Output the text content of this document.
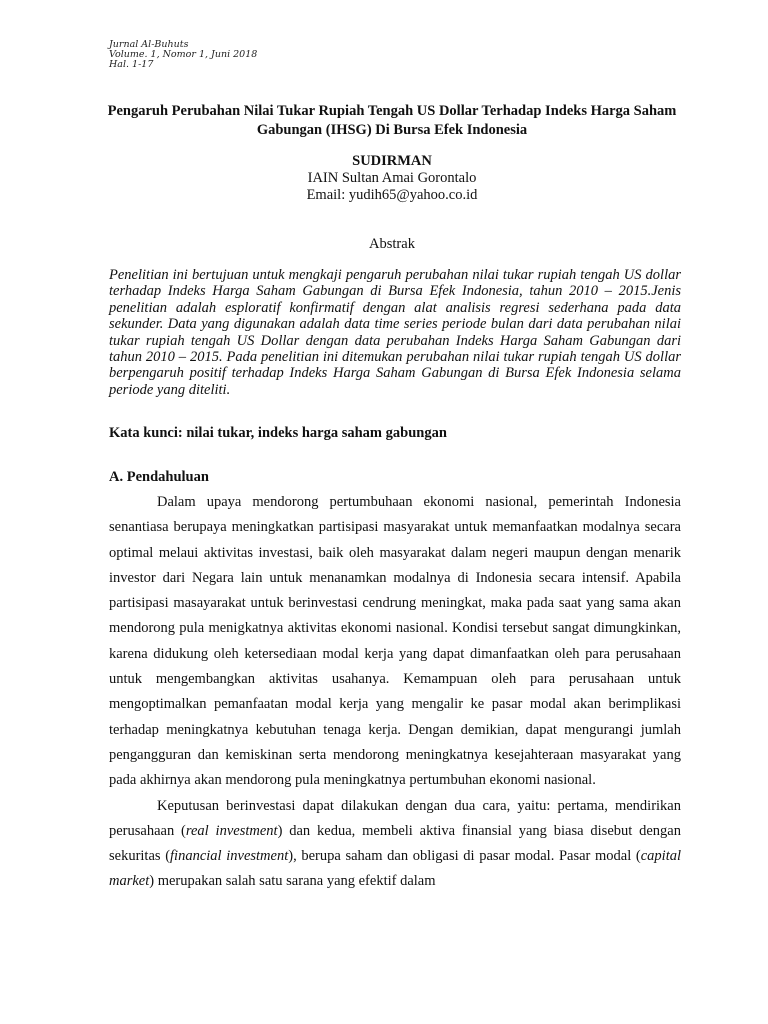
Jurnal Al-Buhuts
Volume. 1, Nomor 1, Juni 2018
Hal. 1-17
Pengaruh Perubahan Nilai Tukar Rupiah Tengah US Dollar Terhadap Indeks Harga Saham Gabungan (IHSG) Di Bursa Efek Indonesia
SUDIRMAN
IAIN Sultan Amai Gorontalo
Email: yudih65@yahoo.co.id
Abstrak
Penelitian ini bertujuan untuk mengkaji pengaruh perubahan nilai tukar rupiah tengah US dollar terhadap Indeks Harga Saham Gabungan di Bursa Efek Indonesia, tahun 2010 – 2015.Jenis penelitian adalah esploratif konfirmatif dengan alat analisis regresi sederhana pada data sekunder. Data yang digunakan adalah data time series periode bulan dari data perubahan nilai tukar rupiah tengah US Dollar dengan data perubahan Indeks Harga Saham Gabungan dari tahun 2010 – 2015. Pada penelitian ini ditemukan perubahan nilai tukar rupiah tengah US dollar berpengaruh positif terhadap Indeks Harga Saham Gabungan di Bursa Efek Indonesia selama periode yang diteliti.
Kata kunci: nilai tukar, indeks harga saham gabungan
A. Pendahuluan

Dalam upaya mendorong pertumbuhaan ekonomi nasional, pemerintah Indonesia senantiasa berupaya meningkatkan partisipasi masyarakat untuk memanfaatkan modalnya secara optimal melaui aktivitas investasi, baik oleh masyarakat dalam negeri maupun dengan menarik investor dari Negara lain untuk menanamkan modalnya di Indonesia secara intensif. Apabila partisipasi masayarakat untuk berinvestasi cendrung meningkat, maka pada saat yang sama akan mendorong pula menigkatnya aktivitas ekonomi nasional. Kondisi tersebut sangat dimungkinkan, karena didukung oleh ketersediaan modal kerja yang dapat dimanfaatkan oleh para perusahaan untuk mengembangkan aktivitas usahanya. Kemampuan oleh para perusahaan untuk mengoptimalkan pemanfaatan modal kerja yang mengalir ke pasar modal akan berimplikasi terhadap meningkatnya kebutuhan tenaga kerja. Dengan demikian, dapat mengurangi jumlah pengangguran dan kemiskinan serta mendorong meningkatnya kesejahteraan masyarakat yang pada akhirnya akan mendorong pula meningkatnya pertumbuhan ekonomi nasional.

Keputusan berinvestasi dapat dilakukan dengan dua cara, yaitu: pertama, mendirikan perusahaan (real investment) dan kedua, membeli aktiva finansial yang biasa disebut dengan sekuritas (financial investment), berupa saham dan obligasi di pasar modal. Pasar modal (capital market) merupakan salah satu sarana yang efektif dalam
